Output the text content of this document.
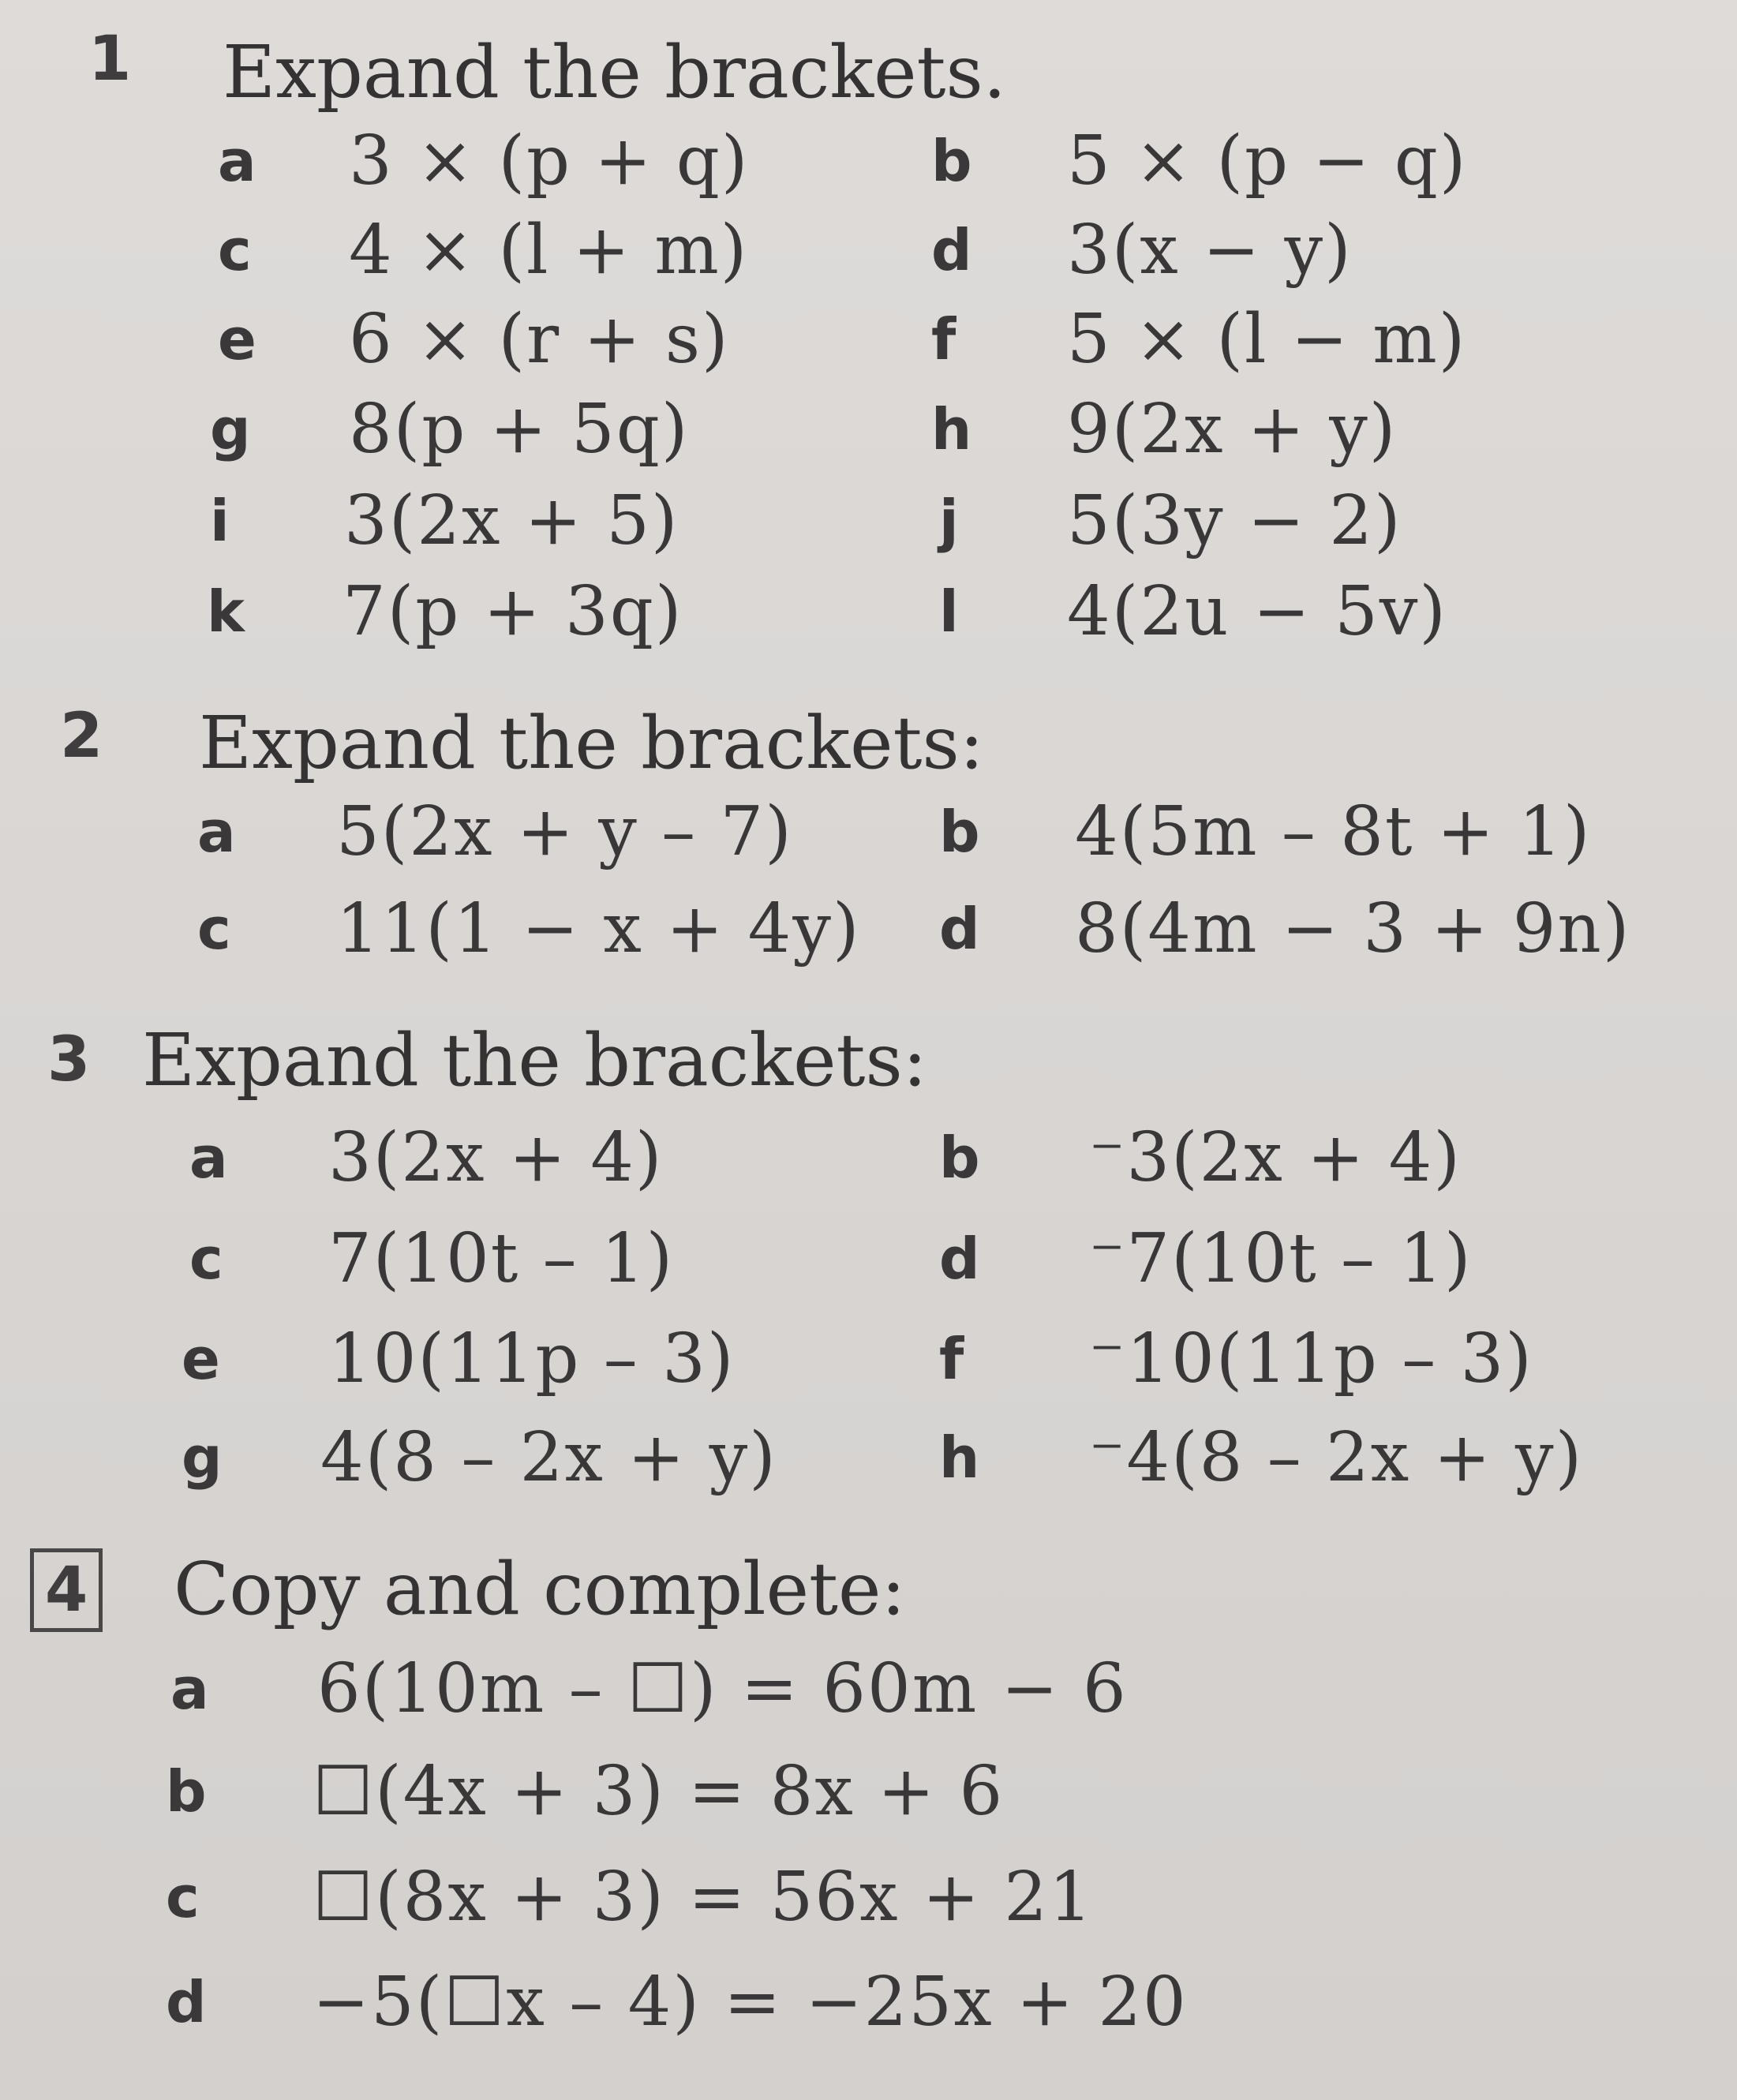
1 Expand the brackets.
a 3 × (p + q)	b 5 × (p − q)
c 4 × (l + m)	d 3(x − y)
e 6 × (r + s)	f 5 × (l − m)
g 8(p + 5q)	h 9(2x + y)
i 3(2x + 5)	j 5(3y − 2)
k 7(p + 3q)	l 4(2u − 5v)
2 Expand the brackets:
a 5(2x + y – 7)	b 4(5m – 8t + 1)
c 11(1 − x + 4y) d 8(4m − 3 + 9n)
3 Expand the brackets:
a 3(2x + 4)	b ⁻3(2x + 4)
c 7(10t – 1)	d ⁻7(10t – 1)
e 10(11p – 3)	f ⁻10(11p – 3)
g 4(8 – 2x + y)	h ⁻4(8 – 2x + y)
4 Copy and complete:
a 6(10m – ☐) = 60m − 6
b ☐(4x + 3) = 8x + 6
c ☐(8x + 3) = 56x + 21
d −5(☐x – 4) = −25x + 20
